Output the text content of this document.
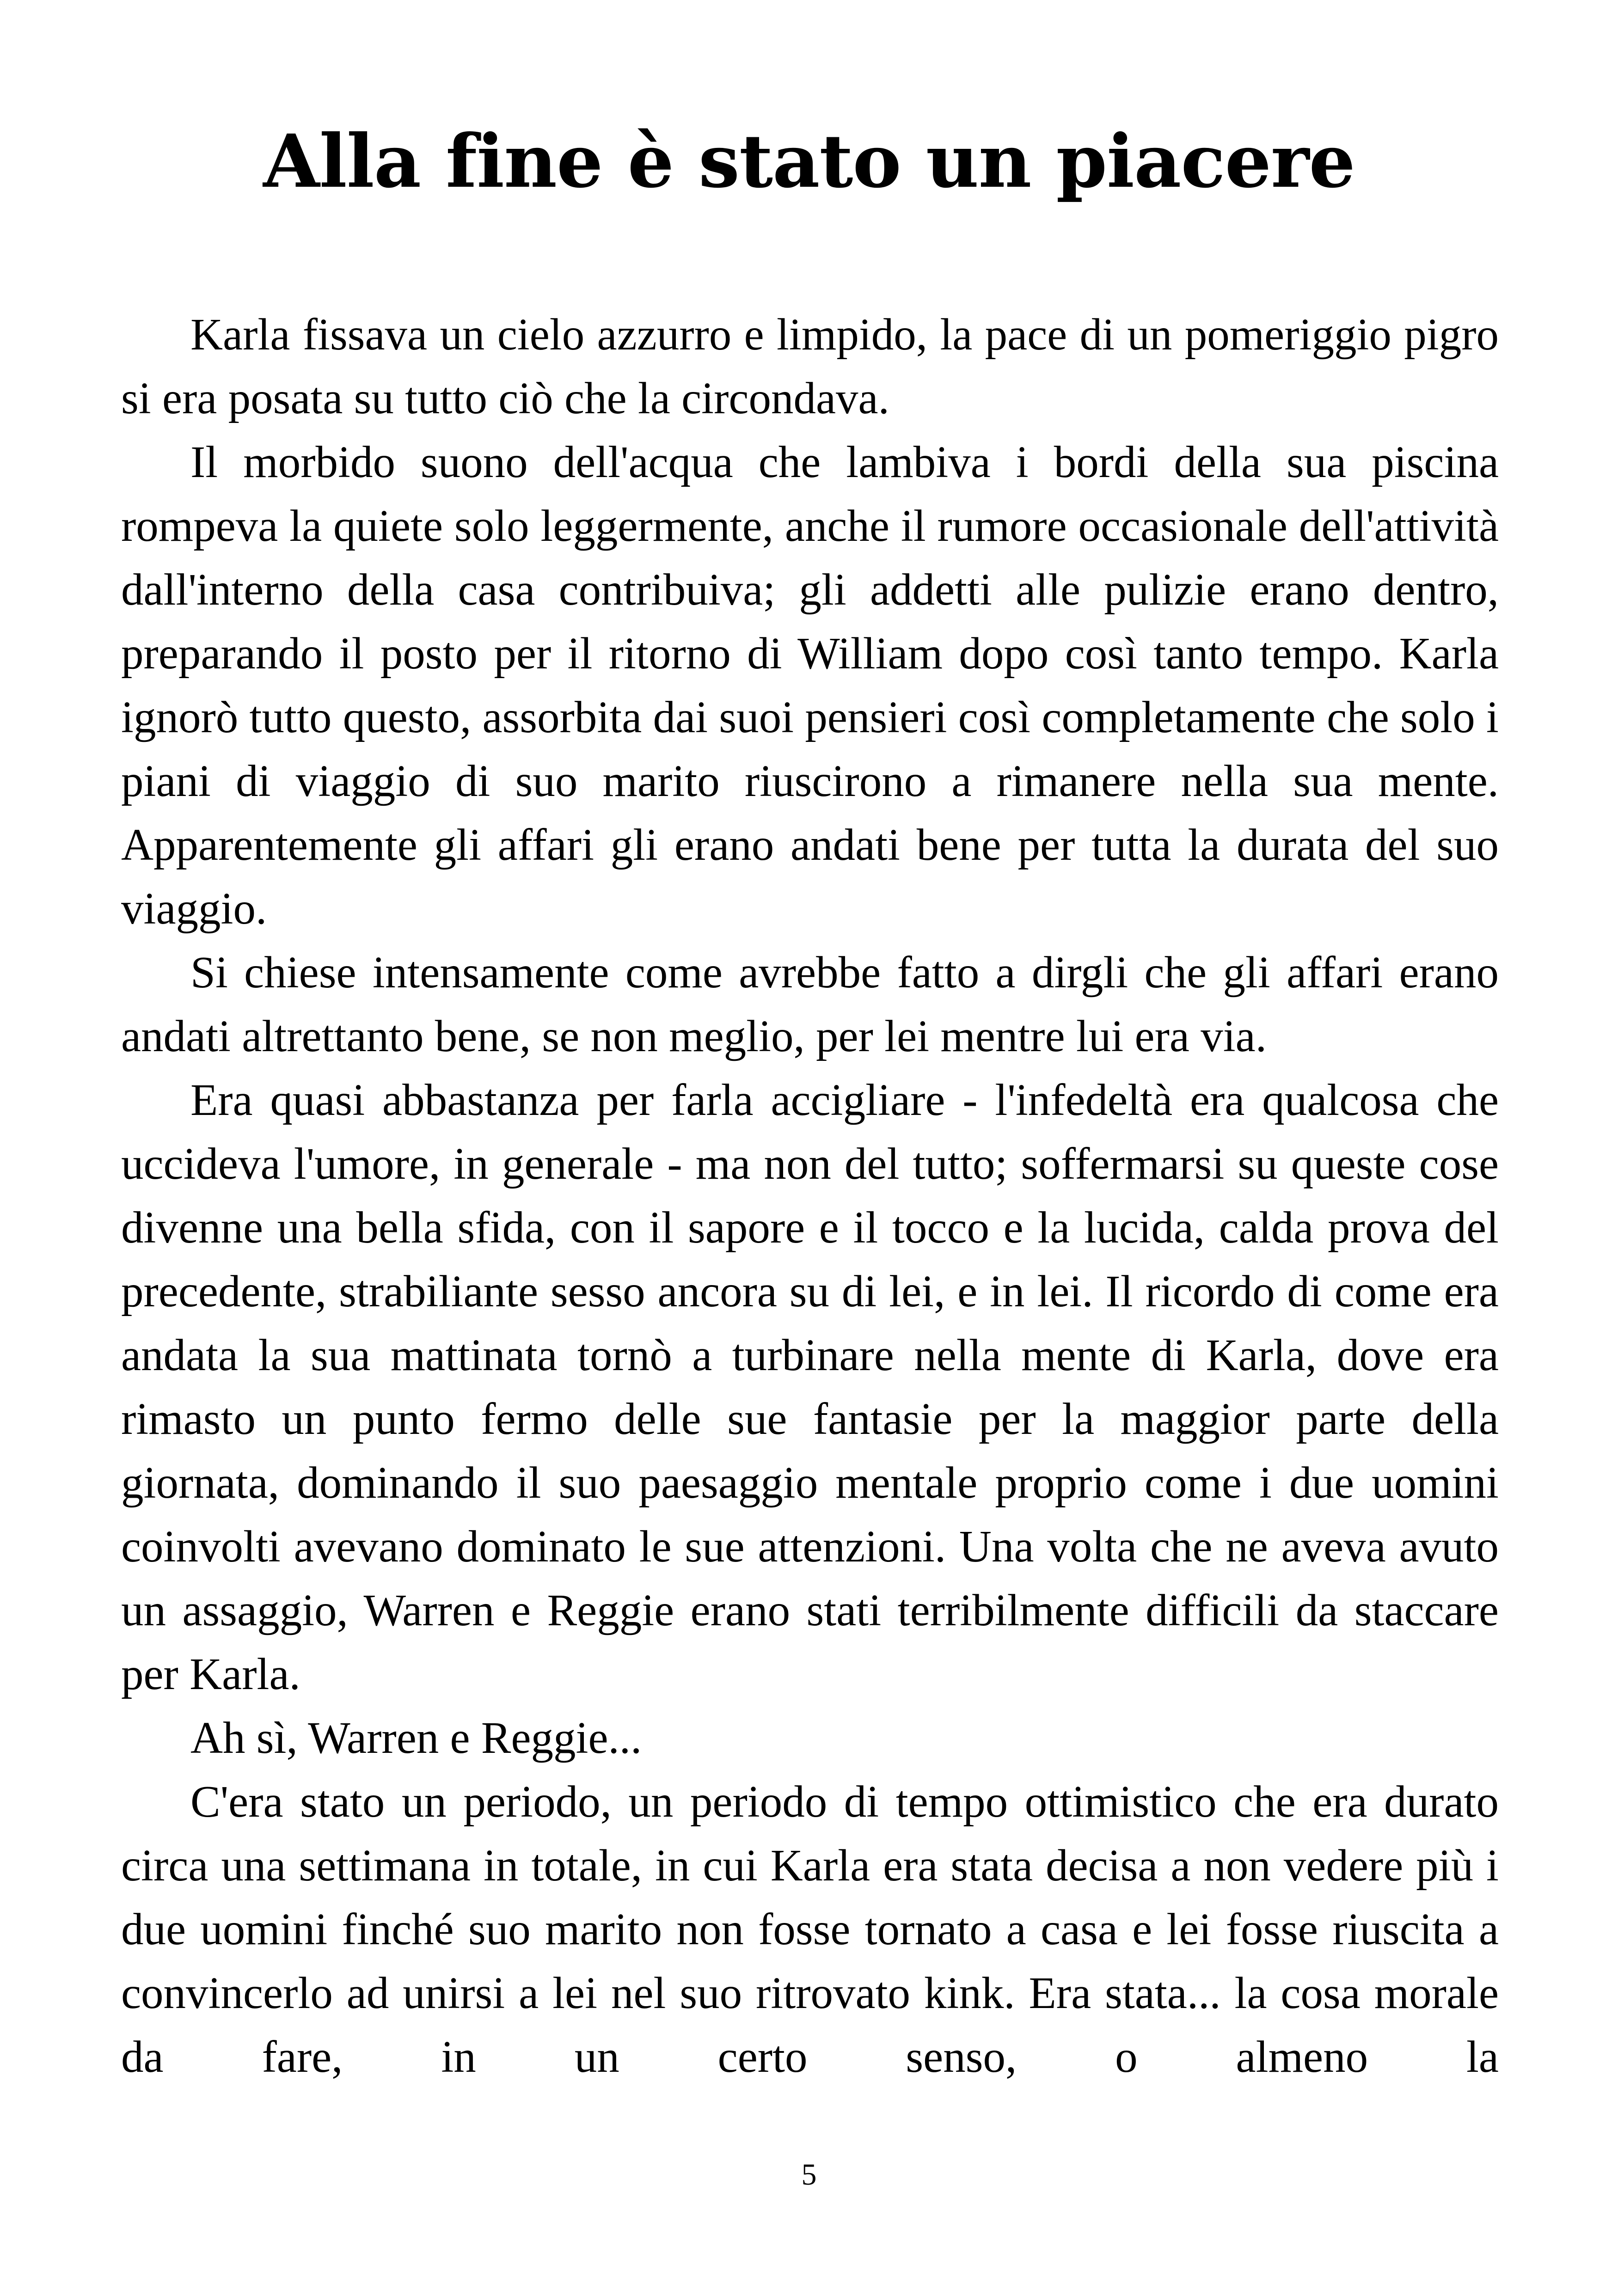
Alla fine è stato un piacere

Karla fissava un cielo azzurro e limpido, la pace di un pomeriggio pigro si era posata su tutto ciò che la circondava.

Il morbido suono dell'acqua che lambiva i bordi della sua piscina rompeva la quiete solo leggermente, anche il rumore occasionale dell'attività dall'interno della casa contribuiva; gli addetti alle pulizie erano dentro, preparando il posto per il ritorno di William dopo così tanto tempo. Karla ignorò tutto questo, assorbita dai suoi pensieri così completamente che solo i piani di viaggio di suo marito riuscirono a rimanere nella sua mente. Apparentemente gli affari gli erano andati bene per tutta la durata del suo viaggio.

Si chiese intensamente come avrebbe fatto a dirgli che gli affari erano andati altrettanto bene, se non meglio, per lei mentre lui era via.

Era quasi abbastanza per farla accigliare - l'infedeltà era qualcosa che uccideva l'umore, in generale - ma non del tutto; soffermarsi su queste cose divenne una bella sfida, con il sapore e il tocco e la lucida, calda prova del precedente, strabiliante sesso ancora su di lei, e in lei. Il ricordo di come era andata la sua mattinata tornò a turbinare nella mente di Karla, dove era rimasto un punto fermo delle sue fantasie per la maggior parte della giornata, dominando il suo paesaggio mentale proprio come i due uomini coinvolti avevano dominato le sue attenzioni. Una volta che ne aveva avuto un assaggio, Warren e Reggie erano stati terribilmente difficili da staccare per Karla.

Ah sì, Warren e Reggie...

C'era stato un periodo, un periodo di tempo ottimistico che era durato circa una settimana in totale, in cui Karla era stata decisa a non vedere più i due uomini finché suo marito non fosse tornato a casa e lei fosse riuscita a convincerlo ad unirsi a lei nel suo ritrovato kink. Era stata... la cosa morale da fare, in un certo senso, o almeno la

5
